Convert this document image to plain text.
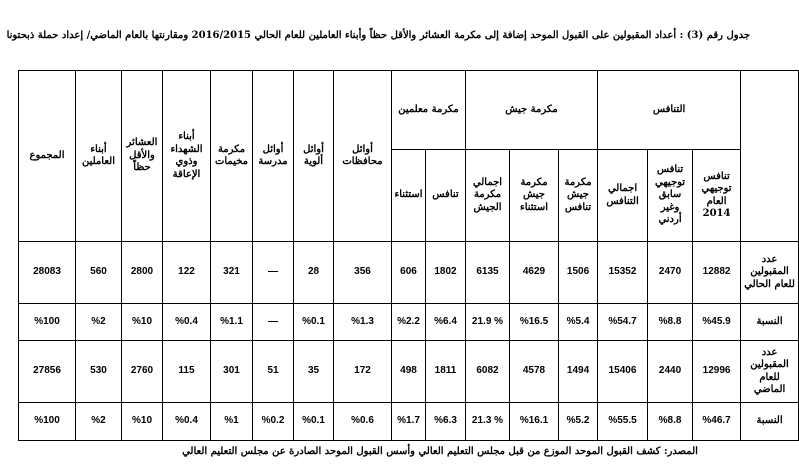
جدول رقم (3) : أعداد المقبولين على القبول الموحد إضافة إلى مكرمة العشائر والأقل حظاً وأبناء العاملين للعام الحالي 2016/2015 ومقارنتها بالعام الماضي/ إعداد حملة ذبحتونا
المجموع	أبناء العاملين	العشائر والأقل حظاً	أبناء الشهداء وذوي الإعاقة	مكرمة مخيمات	أوائل مدرسة	أوائل ألوية	أوائل محافظات	مكرمة معلمين		مكرمة جيش			التنافس			
								استثناء	تنافس	اجمالي مكرمة الجيش	مكرمة جيش استثناء	مكرمة جيش تنافس	اجمالي التنافس	تنافس توجيهي سابق وغير أردني	تنافس توجيهي العام 2014	
28083	560	2800	122	321	—	28	356	606	1802	6135	4629	1506	15352	2470	12882	عدد المقبولين للعام الحالي
%100	%2	%10	%0.4	%1.1	—	%0.1	%1.3	%2.2	%6.4	21.9 %	%16.5	%5.4	%54.7	%8.8	%45.9	النسبة
27856	530	2760	115	301	51	35	172	498	1811	6082	4578	1494	15406	2440	12996	عدد المقبولين للعام الماضي
%100	%2	%10	%0.4	%1	%0.2	%0.1	%0.6	%1.7	%6.3	21.3 %	%16.1	%5.2	%55.5	%8.8	%46.7	النسبة
المصدر: كشف القبول الموحد الموزع من قبل مجلس التعليم العالي وأسس القبول الموحد الصادرة عن مجلس التعليم العالي
